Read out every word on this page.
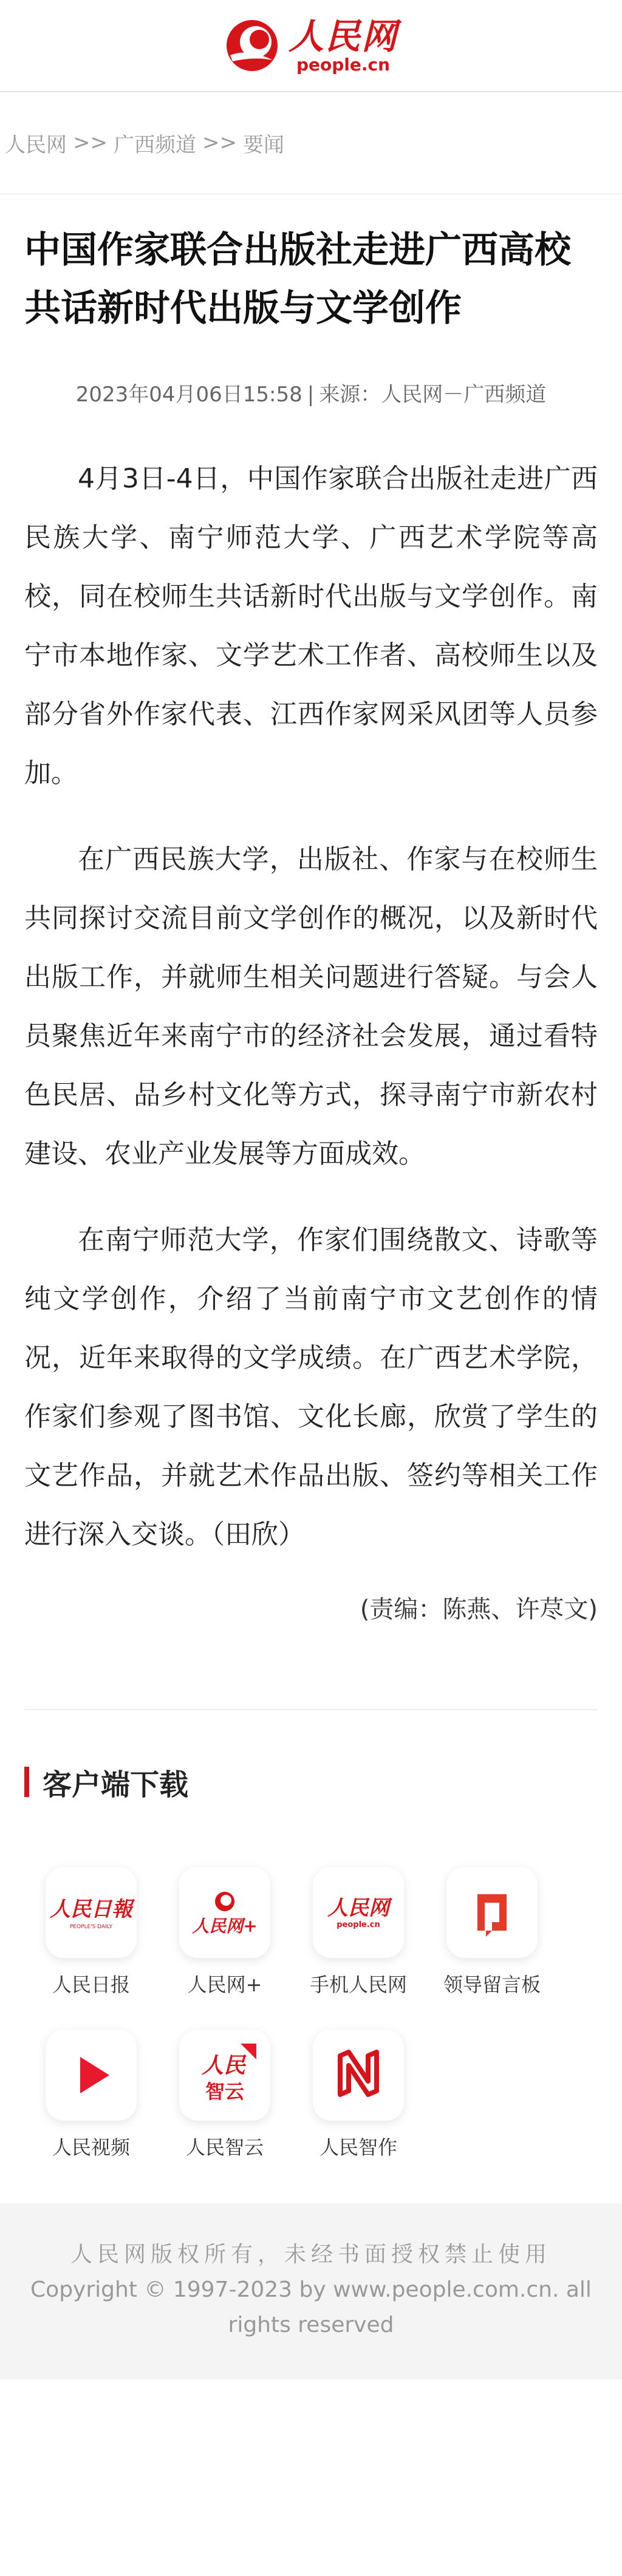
人民网
people.cn
人民网 >> 广西频道 >> 要闻
中国作家联合出版社走进广西高校 共话新时代出版与文学创作
2023年04月06日15:58 | 来源：人民网－广西频道

4月3日-4日，中国作家联合出版社走进广西民族大学、南宁师范大学、广西艺术学院等高校，同在校师生共话新时代出版与文学创作。南宁市本地作家、文学艺术工作者、高校师生以及部分省外作家代表、江西作家网采风团等人员参加。

在广西民族大学，出版社、作家与在校师生共同探讨交流目前文学创作的概况，以及新时代出版工作，并就师生相关问题进行答疑。与会人员聚焦近年来南宁市的经济社会发展，通过看特色民居、品乡村文化等方式，探寻南宁市新农村建设、农业产业发展等方面成效。

在南宁师范大学，作家们围绕散文、诗歌等纯文学创作，介绍了当前南宁市文艺创作的情况，近年来取得的文学成绩。在广西艺术学院，作家们参观了图书馆、文化长廊，欣赏了学生的文艺作品，并就艺术作品出版、签约等相关工作进行深入交谈。（田欣）

(责编：陈燕、许荩文)
客户端下载
人民日報
PEOPLE'S DAILY
人民日报
人民网+
人民网+
人民网
people.cn
手机人民网 领导留言板
人民视频
人民
智云
人民智云	人民智作
人民网版权所有，未经书面授权禁止使用
Copyright © 1997-2023 by www.people.com.cn. all rights reserved
